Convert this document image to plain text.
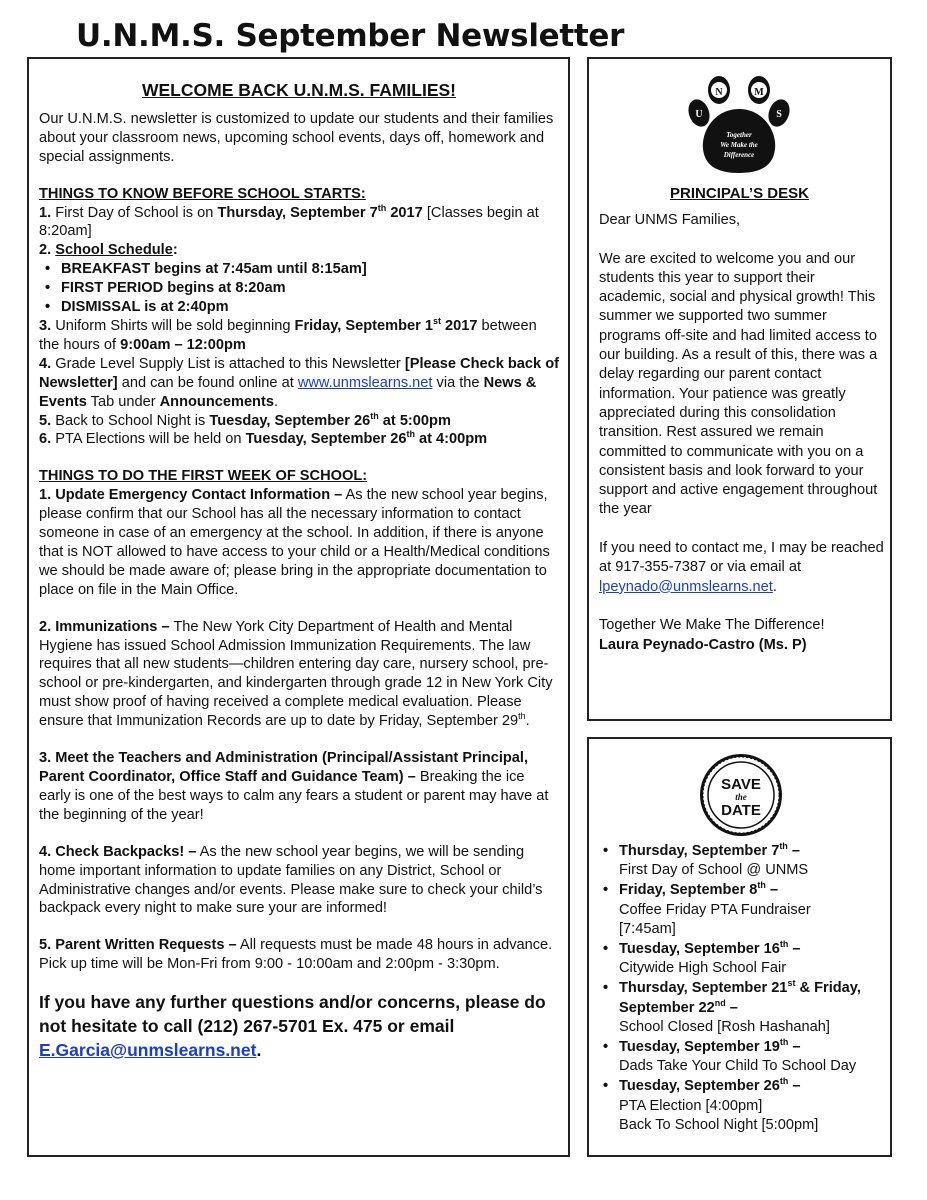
U.N.M.S. September Newsletter

WELCOME BACK U.N.M.S. FAMILIES!

Our U.N.M.S. newsletter is customized to update our students and their families about your classroom news, upcoming school events, days off, homework and special assignments.

THINGS TO KNOW BEFORE SCHOOL STARTS:

1. First Day of School is on Thursday, September 7th 2017 [Classes begin at 8:20am]

2. School Schedule:

• BREAKFAST begins at 7:45am until 8:15am]
• FIRST PERIOD begins at 8:20am
• DISMISSAL is at 2:40pm

3. Uniform Shirts will be sold beginning Friday, September 1st 2017 between the hours of 9:00am – 12:00pm

4. Grade Level Supply List is attached to this Newsletter [Please Check back of Newsletter] and can be found online at www.unmslearns.net via the News & Events Tab under Announcements.

5. Back to School Night is Tuesday, September 26th at 5:00pm

6. PTA Elections will be held on Tuesday, September 26th at 4:00pm

THINGS TO DO THE FIRST WEEK OF SCHOOL:

1. Update Emergency Contact Information – As the new school year begins, please confirm that our School has all the necessary information to contact someone in case of an emergency at the school. In addition, if there is anyone that is NOT allowed to have access to your child or a Health/Medical conditions we should be made aware of; please bring in the appropriate documentation to place on file in the Main Office.

2. Immunizations – The New York City Department of Health and Mental Hygiene has issued School Admission Immunization Requirements. The law requires that all new students—children entering day care, nursery school, pre-school or pre-kindergarten, and kindergarten through grade 12 in New York City must show proof of having received a complete medical evaluation. Please ensure that Immunization Records are up to date by Friday, September 29th.

3. Meet the Teachers and Administration (Principal/Assistant Principal, Parent Coordinator, Office Staff and Guidance Team) – Breaking the ice early is one of the best ways to calm any fears a student or parent may have at the beginning of the year!

4. Check Backpacks! – As the new school year begins, we will be sending home important information to update families on any District, School or Administrative changes and/or events. Please make sure to check your child’s backpack every night to make sure your are informed!

5. Parent Written Requests – All requests must be made 48 hours in advance. Pick up time will be Mon-Fri from 9:00 - 10:00am and 2:00pm - 3:30pm.

If you have any further questions and/or concerns, please do not hesitate to call (212) 267-5701 Ex. 475 or email E.Garcia@unmslearns.net.

N	M
U	S
Together
We Make the
Difference
PRINCIPAL’S DESK

Dear UNMS Families,

We are excited to welcome you and our students this year to support their academic, social and physical growth! This summer we supported two summer programs off-site and had limited access to our building. As a result of this, there was a delay regarding our parent contact information. Your patience was greatly appreciated during this consolidation transition. Rest assured we remain committed to communicate with you on a consistent basis and look forward to your support and active engagement throughout the year

If you need to contact me, I may be reached at 917-355-7387 or via email at lpeynado@unmslearns.net.

Together We Make The Difference!

Laura Peynado-Castro (Ms. P)

SAVE
the
DATE
• Thursday, September 7th –
First Day of School @ UNMS
• Friday, September 8th –
Coffee Friday PTA Fundraiser
[7:45am]
• Tuesday, September 16th –
Citywide High School Fair
• Thursday, September 21st & Friday, September 22nd –
School Closed [Rosh Hashanah]
• Tuesday, September 19th –
Dads Take Your Child To School Day
• Tuesday, September 26th –
PTA Election [4:00pm]
Back To School Night [5:00pm]
